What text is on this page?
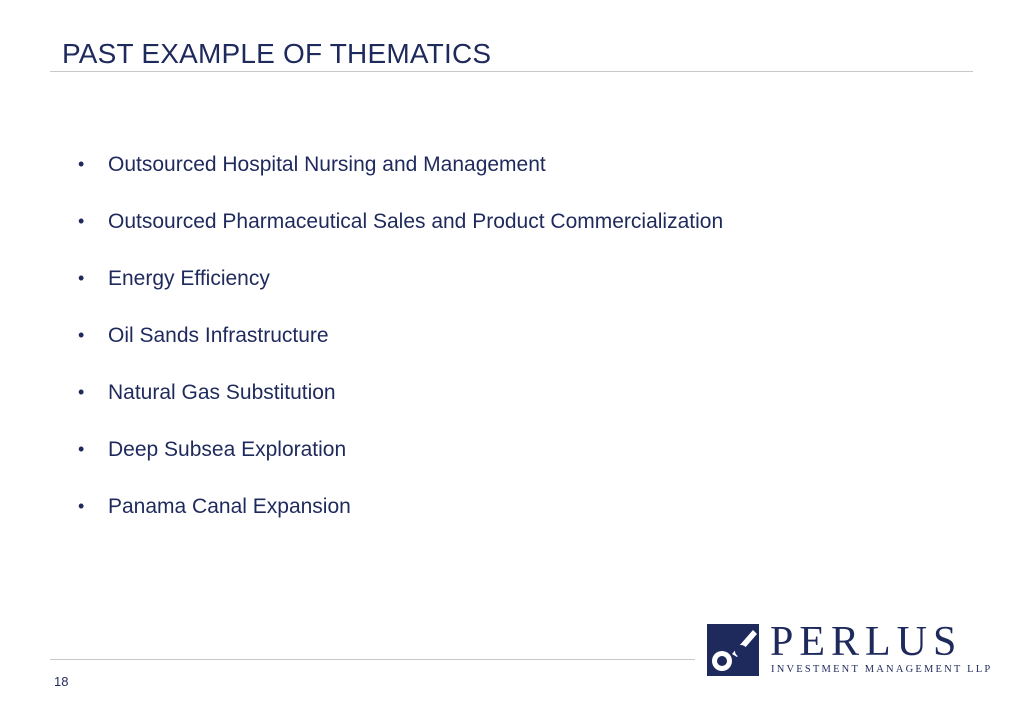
PAST EXAMPLE OF THEMATICS
•	Outsourced Hospital Nursing and Management
•	Outsourced Pharmaceutical Sales and Product Commercialization
•	Energy Efficiency
•	Oil Sands Infrastructure
•	Natural Gas Substitution
•	Deep Subsea Exploration
•	Panama Canal Expansion
PERLUS
INVESTMENT MANAGEMENT LLP
18
